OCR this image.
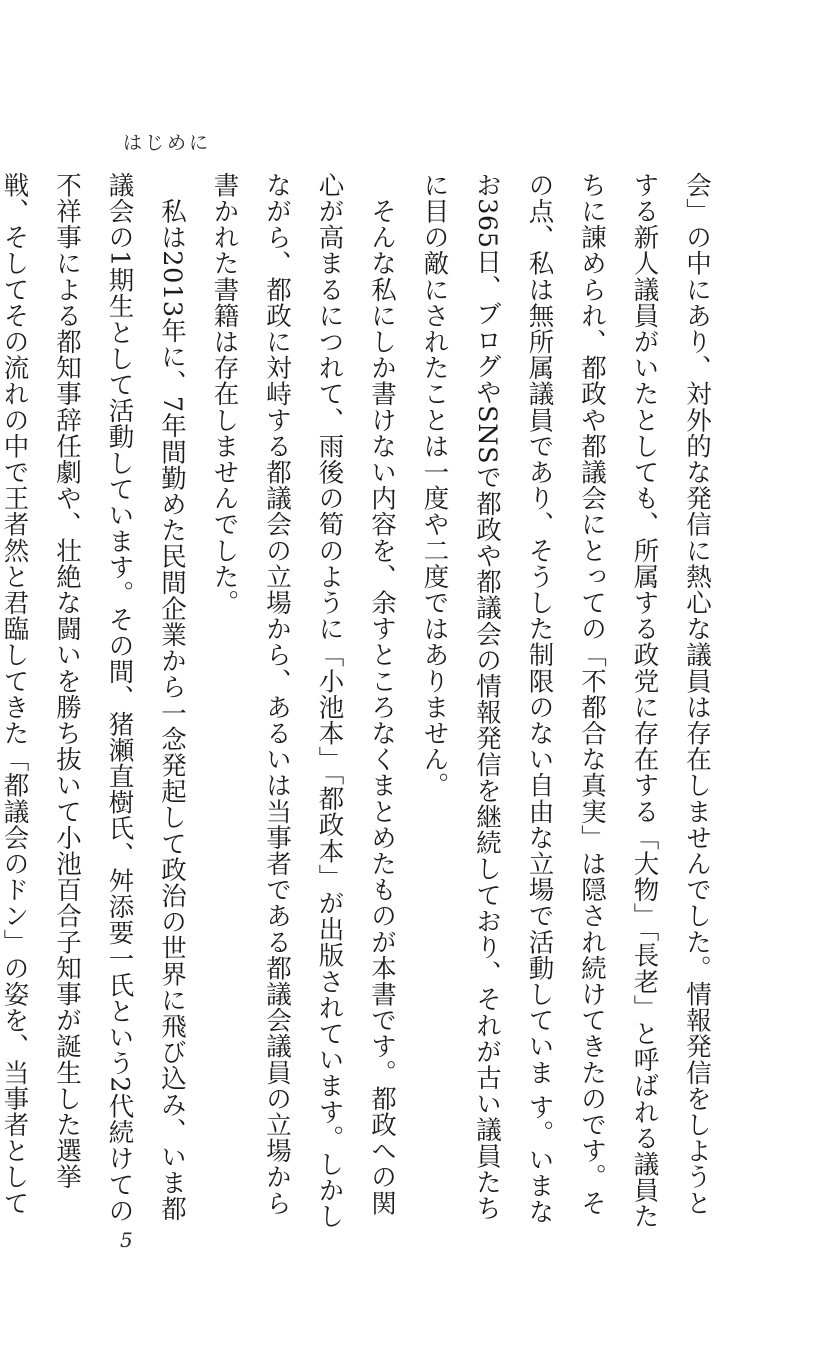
はじめに

会」の中にあり、対外的な発信に熱心な議員は存在しませんでした。情報発信をしようとする新人議員がいたとしても、所属する政党に存在する「大物」「長老」と呼ばれる議員たちに諌められ、都政や都議会にとっての「不都合な真実」は隠され続けてきたのです。その点、私は無所属議員であり、そうした制限のない自由な立場で活動していま す。いまなお365日、ブログやSNSで都政や都議会の情報発信を継続しており、それが古い議員たちに目の敵にされたことは一度や二度ではありません。

　そんな私にしか書けない内容を、余すところなくまとめたものが本書です。都政への関心が高まるにつれて、雨後の筍のように「小池本」「都政本」が出版されています。しかしながら、都政に対峙する都議会の立場から、あるいは当事者である都議会議員の立場から書かれた書籍は存在しませんでした。

　私は2013年に、7年間勤めた民間企業から一念発起して政治の世界に飛び込み、いま都議会の1期生として活動しています。その間、猪瀬直樹氏、舛添要一氏という2代続けての不祥事による都知事辞任劇や、壮絶な闘いを勝ち抜いて小池百合子知事が誕生した選挙戦、そしてその流れの中で王者然と君臨してきた「都議会のドン」の姿を、当事者として

5
